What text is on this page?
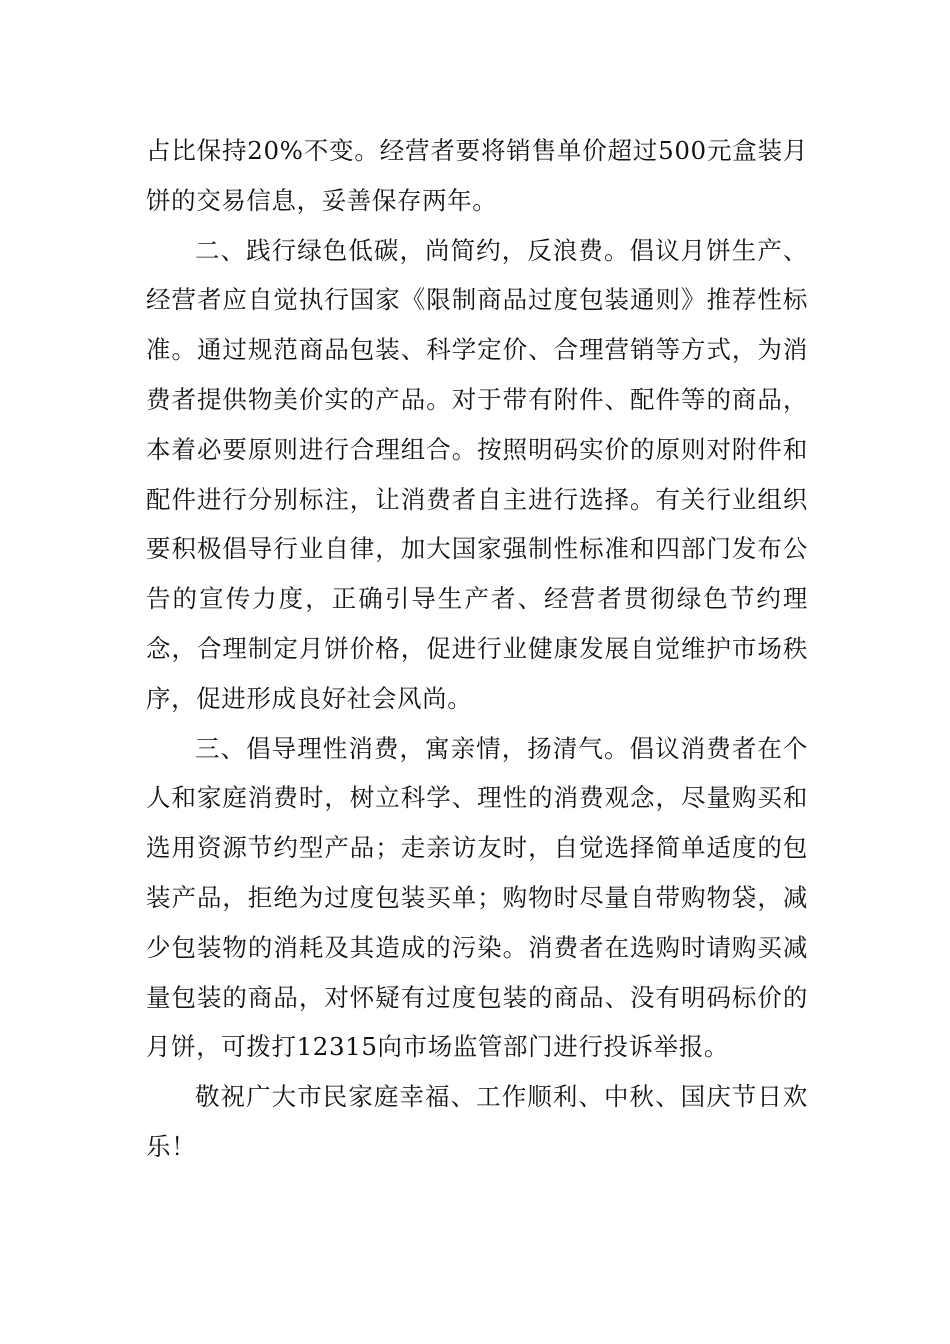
占比保持20%不变。经营者要将销售单价超过500元盒装月饼的交易信息，妥善保存两年。

二、践行绿色低碳，尚简约，反浪费。倡议月饼生产、经营者应自觉执行国家《限制商品过度包装通则》推荐性标准。通过规范商品包装、科学定价、合理营销等方式，为消费者提供物美价实的产品。对于带有附件、配件等的商品，本着必要原则进行合理组合。按照明码实价的原则对附件和配件进行分别标注，让消费者自主进行选择。有关行业组织要积极倡导行业自律，加大国家强制性标准和四部门发布公告的宣传力度，正确引导生产者、经营者贯彻绿色节约理念，合理制定月饼价格，促进行业健康发展自觉维护市场秩序，促进形成良好社会风尚。

三、倡导理性消费，寓亲情，扬清气。倡议消费者在个人和家庭消费时，树立科学、理性的消费观念，尽量购买和选用资源节约型产品；走亲访友时，自觉选择简单适度的包装产品，拒绝为过度包装买单；购物时尽量自带购物袋，减少包装物的消耗及其造成的污染。消费者在选购时请购买减量包装的商品，对怀疑有过度包装的商品、没有明码标价的月饼，可拨打12315向市场监管部门进行投诉举报。

敬祝广大市民家庭幸福、工作顺利、中秋、国庆节日欢乐！
